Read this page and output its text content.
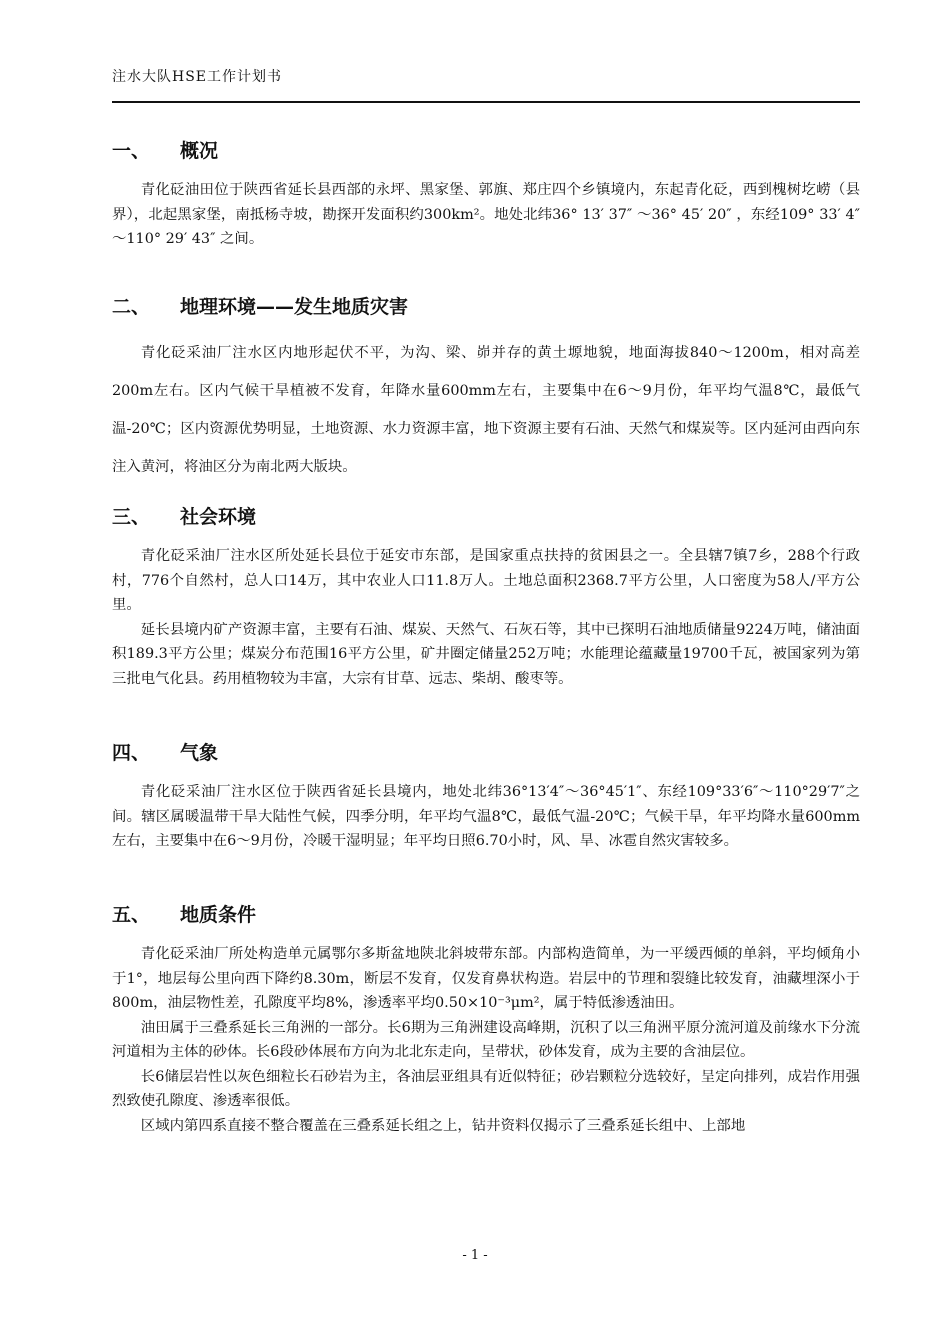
注水大队HSE工作计划书
一、 概况

青化砭油田位于陕西省延长县西部的永坪、黑家堡、郭旗、郑庄四个乡镇境内，东起青化砭，西到槐树圪崂（县界），北起黑家堡，南抵杨寺坡，勘探开发面积约300km²。地处北纬36° 13′ 37″ ～36° 45′ 20″ ，东经109° 33′ 4″ ～110° 29′ 43″ 之间。

二、 地理环境——发生地质灾害

青化砭采油厂注水区内地形起伏不平，为沟、梁、峁并存的黄土塬地貌，地面海拔840～1200m，相对高差200m左右。区内气候干旱植被不发育，年降水量600mm左右，主要集中在6～9月份，年平均气温8℃，最低气温-20℃；区内资源优势明显，土地资源、水力资源丰富，地下资源主要有石油、天然气和煤炭等。区内延河由西向东注入黄河，将油区分为南北两大版块。

三、 社会环境

青化砭采油厂注水区所处延长县位于延安市东部，是国家重点扶持的贫困县之一。全县辖7镇7乡，288个行政村，776个自然村，总人口14万，其中农业人口11.8万人。土地总面积2368.7平方公里，人口密度为58人/平方公里。

延长县境内矿产资源丰富，主要有石油、煤炭、天然气、石灰石等，其中已探明石油地质储量9224万吨，储油面积189.3平方公里；煤炭分布范围16平方公里，矿井圈定储量252万吨；水能理论蕴藏量19700千瓦，被国家列为第三批电气化县。药用植物较为丰富，大宗有甘草、远志、柴胡、酸枣等。

四、 气象

青化砭采油厂注水区位于陕西省延长县境内，地处北纬36°13′4″～36°45′1″、东经109°33′6″～110°29′7″之间。辖区属暖温带干旱大陆性气候，四季分明，年平均气温8℃，最低气温-20℃；气候干旱，年平均降水量600mm左右，主要集中在6～9月份，冷暖干湿明显；年平均日照6.70小时，风、旱、冰雹自然灾害较多。

五、 地质条件

青化砭采油厂所处构造单元属鄂尔多斯盆地陕北斜坡带东部。内部构造简单，为一平缓西倾的单斜，平均倾角小于1°，地层每公里向西下降约8.30m，断层不发育，仅发育鼻状构造。岩层中的节理和裂缝比较发育，油藏埋深小于800m，油层物性差，孔隙度平均8%，渗透率平均0.50×10⁻³μm²，属于特低渗透油田。

油田属于三叠系延长三角洲的一部分。长6期为三角洲建设高峰期，沉积了以三角洲平原分流河道及前缘水下分流河道相为主体的砂体。长6段砂体展布方向为北北东走向，呈带状，砂体发育，成为主要的含油层位。

长6储层岩性以灰色细粒长石砂岩为主，各油层亚组具有近似特征；砂岩颗粒分选较好，呈定向排列，成岩作用强烈致使孔隙度、渗透率很低。

区域内第四系直接不整合覆盖在三叠系延长组之上，钻井资料仅揭示了三叠系延长组中、上部地

- 1 -
